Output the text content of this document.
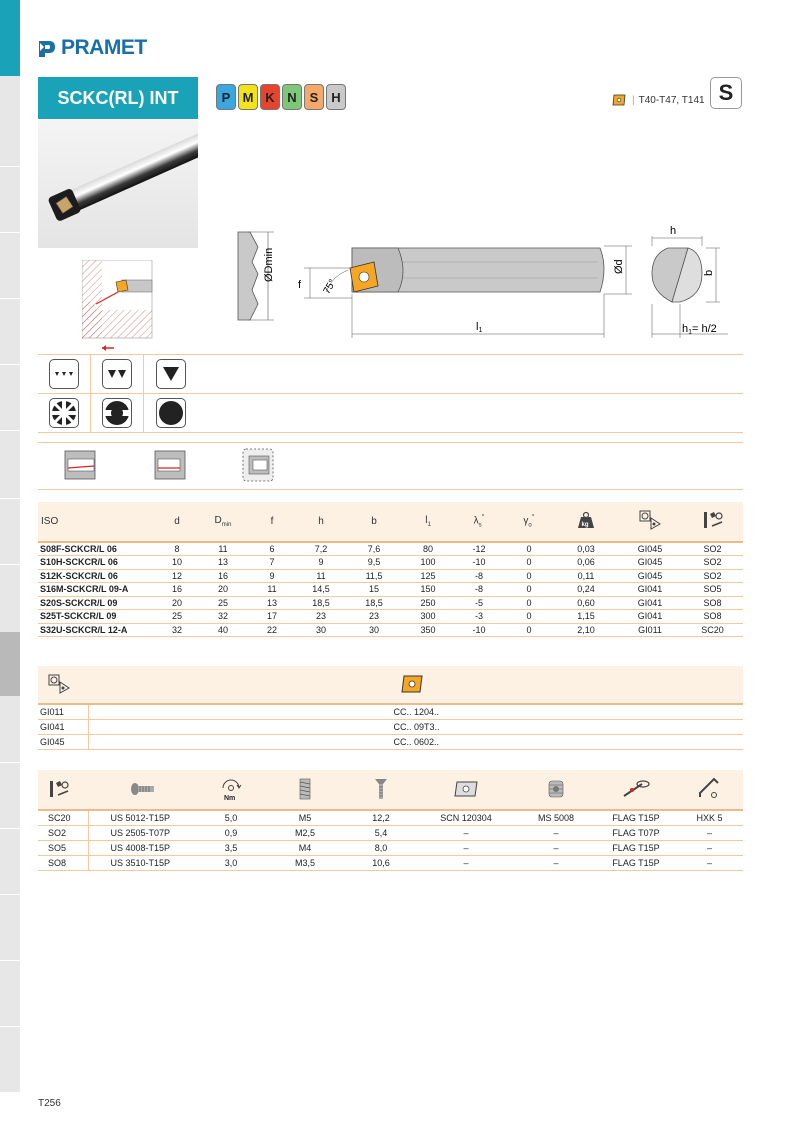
PRAMET
SCKC(RL) INT	P M K N S H	| T40-T47, T141 S
ØDmin
f 75°
Ød
l1
h
b
h1= h/2
ISO	d	$D_{min}$	f	h	b	$l_1$	$\lambda_s^\circ$	$\gamma_o^\circ$	kg

S08F-SCKCR/L 06	8	11	6	7,2	7,6	80	-12	0	0,03	GI045	SO2
S10H-SCKCR/L 06	10	13	7	9	9,5	100	-10	0	0,06	GI045	SO2
S12K-SCKCR/L 06	12	16	9	11	11,5	125	-8	0	0,11	GI045	SO2
S16M-SCKCR/L 09-A	16	20	11	14,5	15	150	-8	0	0,24	GI041	SO5
S20S-SCKCR/L 09	20	25	13	18,5	18,5	250	-5	0	0,60	GI041	SO8
S25T-SCKCR/L 09	25	32	17	23	23	300	-3	0	1,15	GI041	SO8
S32U-SCKCR/L 12-A	32	40	22	30	30	350	-10	0	2,10	GI011	SC20

GI011	CC.. 1204..
GI041	CC.. 09T3..
GI045	CC.. 0602..

Nm

SC20	US 5012-T15P	5,0	M5	12,2	SCN 120304	MS 5008	FLAG T15P	HXK 5
SO2	US 2505-T07P	0,9	M2,5	5,4	–	–	FLAG T07P	–
SO5	US 4008-T15P	3,5	M4	8,0	–	–	FLAG T15P	–
SO8	US 3510-T15P	3,0	M3,5	10,6	–	–	FLAG T15P	–
T256
